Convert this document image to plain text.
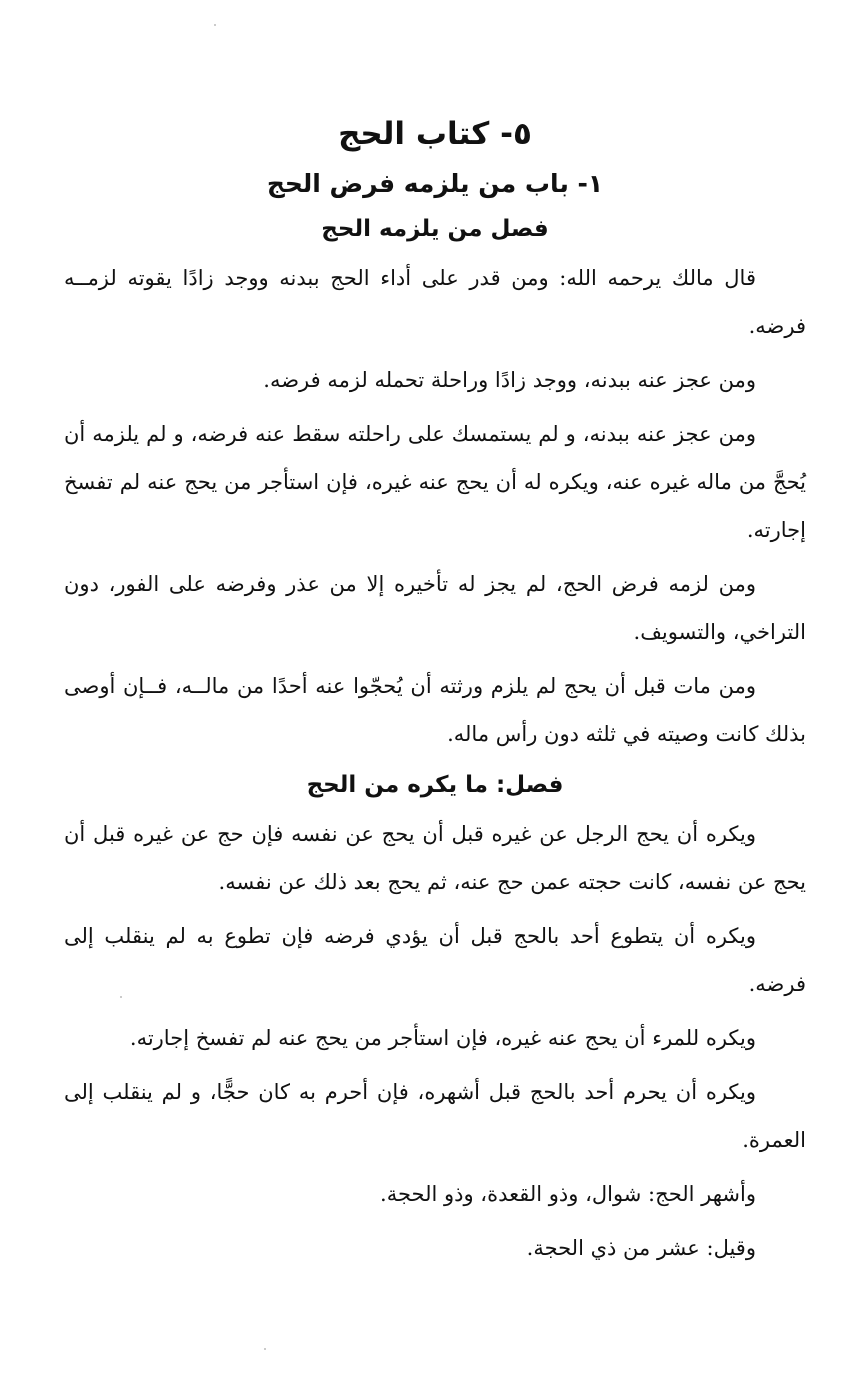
٥- كتاب الحج
١- باب من يلزمه فرض الحج
فصل من يلزمه الحج

قال مالك يرحمه الله: ومن قدر على أداء الحج ببدنه ووجد زادًا يقوته لزمــه فرضه.

ومن عجز عنه ببدنه، ووجد زادًا وراحلة تحمله لزمه فرضه.

ومن عجز عنه ببدنه، و لم يستمسك على راحلته سقط عنه فرضه، و لم يلزمه أن يُحجَّ من ماله غيره عنه، ويكره له أن يحج عنه غيره، فإن استأجر من يحج عنه لم تفسخ إجارته.

ومن لزمه فرض الحج، لم يجز له تأخيره إلا من عذر وفرضه على الفور، دون التراخي، والتسويف.

ومن مات قبل أن يحج لم يلزم ورثته أن يُحجّوا عنه أحدًا من مالــه، فــإن أوصى بذلك كانت وصيته في ثلثه دون رأس ماله.

فصل: ما يكره من الحج

ويكره أن يحج الرجل عن غيره قبل أن يحج عن نفسه فإن حج عن غيره قبل أن يحج عن نفسه، كانت حجته عمن حج عنه، ثم يحج بعد ذلك عن نفسه.

ويكره أن يتطوع أحد بالحج قبل أن يؤدي فرضه فإن تطوع به لم ينقلب إلى فرضه.

ويكره للمرء أن يحج عنه غيره، فإن استأجر من يحج عنه لم تفسخ إجارته.

ويكره أن يحرم أحد بالحج قبل أشهره، فإن أحرم به كان حجًّا، و لم ينقلب إلى العمرة.

وأشهر الحج: شوال، وذو القعدة، وذو الحجة.

وقيل: عشر من ذي الحجة.
